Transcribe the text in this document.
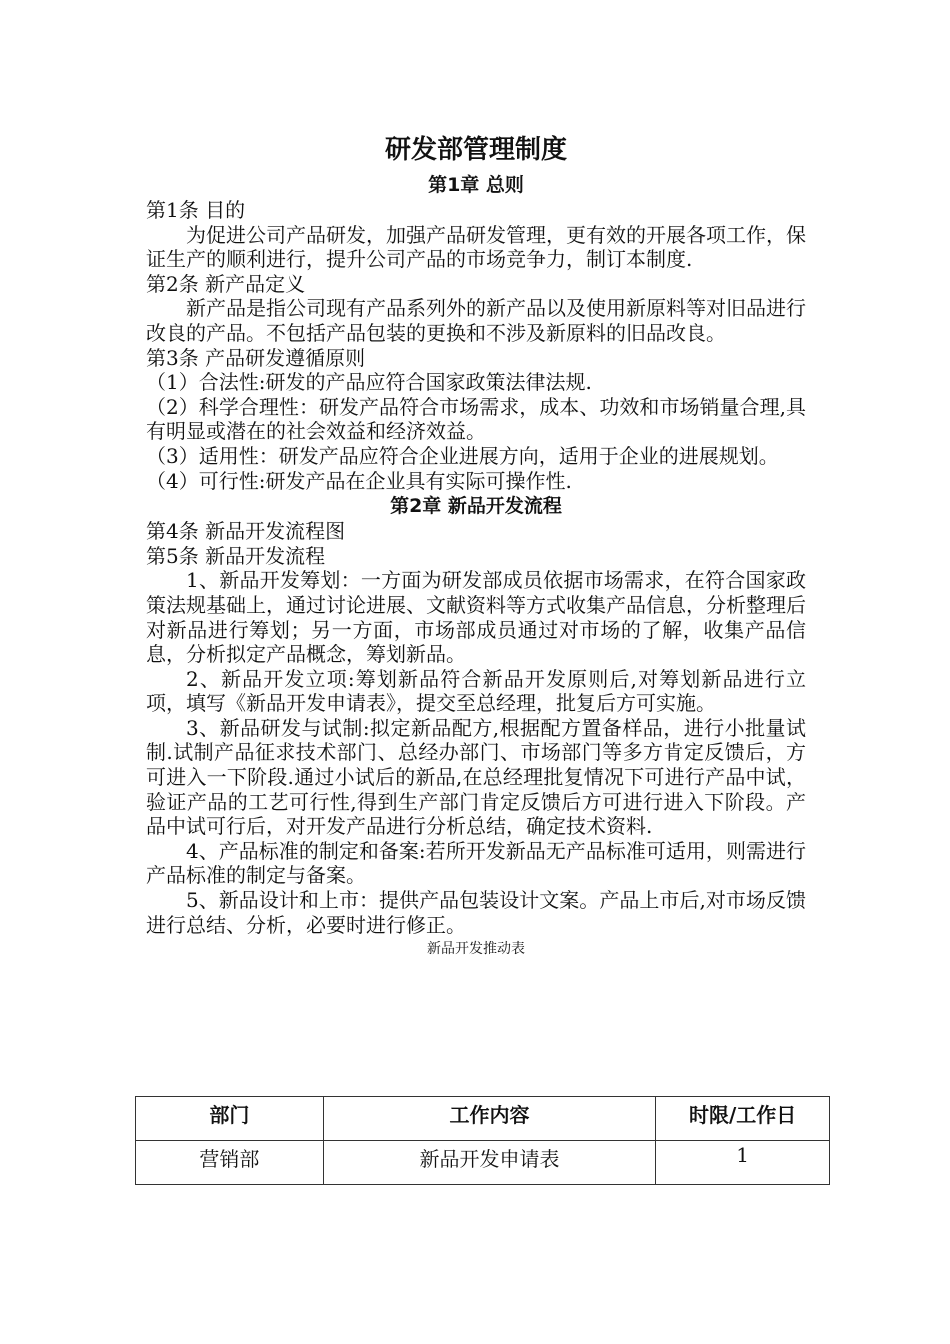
研发部管理制度
第1章 总则
第1条 目的
为促进公司产品研发，加强产品研发管理，更有效的开展各项工作，保证生产的顺利进行，提升公司产品的市场竞争力，制订本制度.
第2条 新产品定义
新产品是指公司现有产品系列外的新产品以及使用新原料等对旧品进行改良的产品。不包括产品包装的更换和不涉及新原料的旧品改良。
第3条 产品研发遵循原则
（1）合法性:研发的产品应符合国家政策法律法规.
（2）科学合理性：研发产品符合市场需求，成本、功效和市场销量合理,具有明显或潜在的社会效益和经济效益。
（3）适用性：研发产品应符合企业进展方向，适用于企业的进展规划。
（4）可行性:研发产品在企业具有实际可操作性.
第2章 新品开发流程
第4条 新品开发流程图
第5条 新品开发流程
1、新品开发筹划：一方面为研发部成员依据市场需求，在符合国家政策法规基础上，通过讨论进展、文献资料等方式收集产品信息，分析整理后对新品进行筹划；另一方面，市场部成员通过对市场的了解，收集产品信息，分析拟定产品概念，筹划新品。
2、新品开发立项:筹划新品符合新品开发原则后,对筹划新品进行立项，填写《新品开发申请表》，提交至总经理，批复后方可实施。
3、新品研发与试制:拟定新品配方,根据配方置备样品，进行小批量试制.试制产品征求技术部门、总经办部门、市场部门等多方肯定反馈后，方可进入一下阶段.通过小试后的新品,在总经理批复情况下可进行产品中试，验证产品的工艺可行性,得到生产部门肯定反馈后方可进行进入下阶段。产品中试可行后，对开发产品进行分析总结，确定技术资料.
4、产品标准的制定和备案:若所开发新品无产品标准可适用，则需进行产品标准的制定与备案。
5、新品设计和上市：提供产品包装设计文案。产品上市后,对市场反馈进行总结、分析，必要时进行修正。
新品开发推动表
部门	工作内容	时限/工作日
营销部	新品开发申请表	1
